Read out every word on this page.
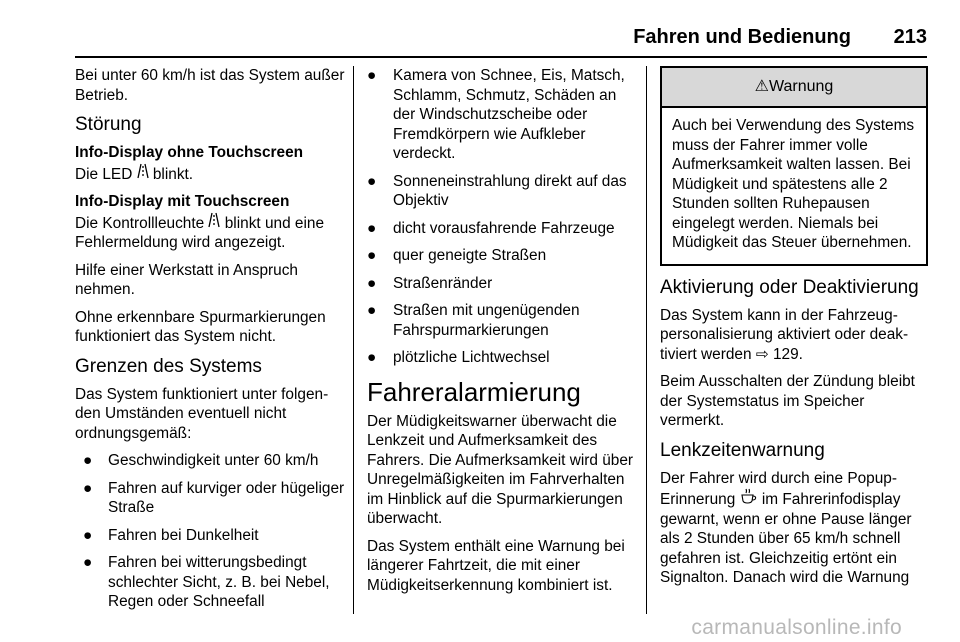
Fahren und Bedienung 213

Bei unter 60 km/h ist das System außer Betrieb.

Störung
Info-Display ohne Touchscreen

Die LED blinkt.

Info-Display mit Touchscreen

Die Kontrollleuchte blinkt und eine Fehlermeldung wird angezeigt.

Hilfe einer Werkstatt in Anspruch nehmen.

Ohne erkennbare Spurmarkierungen funktioniert das System nicht.

Grenzen des Systems

Das System funktioniert unter folgenden Umständen eventuell nicht ordnungsgemäß:

● Geschwindigkeit unter 60 km/h
● Fahren auf kurviger oder hügeliger Straße
● Fahren bei Dunkelheit
● Fahren bei witterungsbedingt schlechter Sicht, z. B. bei Nebel, Regen oder Schneefall
● Kamera von Schnee, Eis, Matsch, Schlamm, Schmutz, Schäden an der Windschutzscheibe oder Fremdkörpern wie Aufkleber verdeckt.
● Sonneneinstrahlung direkt auf das Objektiv
● dicht vorausfahrende Fahrzeuge
● quer geneigte Straßen
● Straßenränder
● Straßen mit ungenügenden Fahrspurmarkierungen
● plötzliche Lichtwechsel
Fahreralarmierung

Der Müdigkeitswarner überwacht die Lenkzeit und Aufmerksamkeit des Fahrers. Die Aufmerksamkeit wird über Unregelmäßigkeiten im Fahrverhalten im Hinblick auf die Spurmarkierungen überwacht.

Das System enthält eine Warnung bei längerer Fahrtzeit, die mit einer Müdigkeitserkennung kombiniert ist.

⚠Warnung
Auch bei Verwendung des Systems muss der Fahrer immer volle Aufmerksamkeit walten lassen. Bei Müdigkeit und spätestens alle 2 Stunden sollten Ruhepausen eingelegt werden. Niemals bei Müdigkeit das Steuer übernehmen.
Aktivierung oder Deaktivierung

Das System kann in der Fahrzeugpersonalisierung aktiviert oder deaktiviert werden ⇨ 129.

Beim Ausschalten der Zündung bleibt der Systemstatus im Speicher vermerkt.

Lenkzeitenwarnung

Der Fahrer wird durch eine Popup-Erinnerung im Fahrerinfodisplay gewarnt, wenn er ohne Pause länger als 2 Stunden über 65 km/h schnell gefahren ist. Gleichzeitig ertönt ein Signalton. Danach wird die Warnung

carmanualsonline.info
